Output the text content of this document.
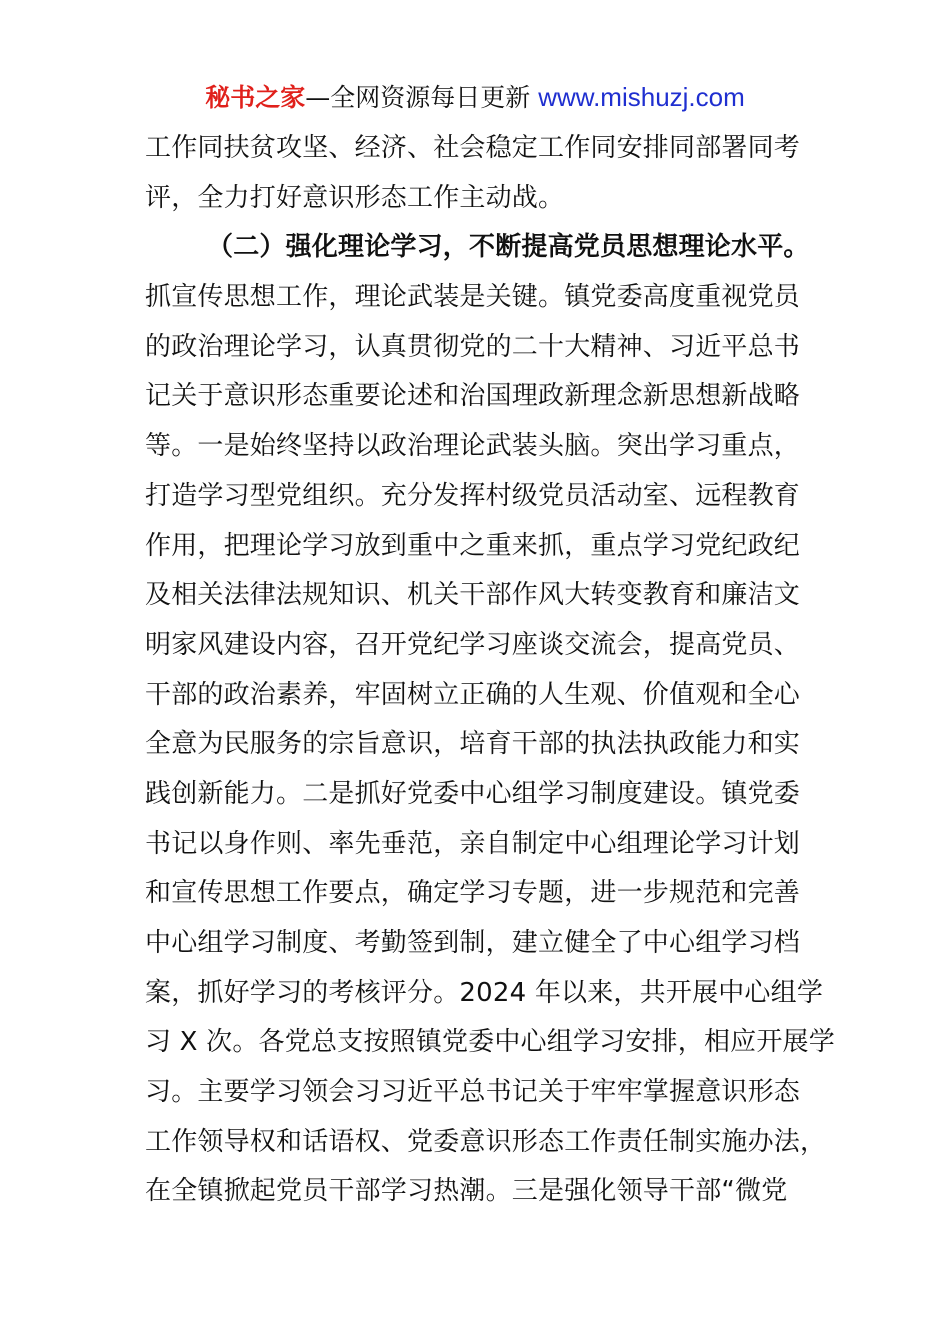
秘书之家—全网资源每日更新 www.mishuzj.com
工作同扶贫攻坚、经济、社会稳定工作同安排同部署同考
评，全力打好意识形态工作主动战。
（二）强化理论学习，不断提高党员思想理论水平。
抓宣传思想工作，理论武装是关键。镇党委高度重视党员
的政治理论学习，认真贯彻党的二十大精神、习近平总书
记关于意识形态重要论述和治国理政新理念新思想新战略
等。一是始终坚持以政治理论武装头脑。突出学习重点，
打造学习型党组织。充分发挥村级党员活动室、远程教育
作用，把理论学习放到重中之重来抓，重点学习党纪政纪
及相关法律法规知识、机关干部作风大转变教育和廉洁文
明家风建设内容，召开党纪学习座谈交流会，提高党员、
干部的政治素养，牢固树立正确的人生观、价值观和全心
全意为民服务的宗旨意识，培育干部的执法执政能力和实
践创新能力。二是抓好党委中心组学习制度建设。镇党委
书记以身作则、率先垂范，亲自制定中心组理论学习计划
和宣传思想工作要点，确定学习专题，进一步规范和完善
中心组学习制度、考勤签到制，建立健全了中心组学习档
案，抓好学习的考核评分。2024 年以来，共开展中心组学
习 X 次。各党总支按照镇党委中心组学习安排，相应开展学
习。主要学习领会习习近平总书记关于牢牢掌握意识形态
工作领导权和话语权、党委意识形态工作责任制实施办法，
在全镇掀起党员干部学习热潮。三是强化领导干部“微党
